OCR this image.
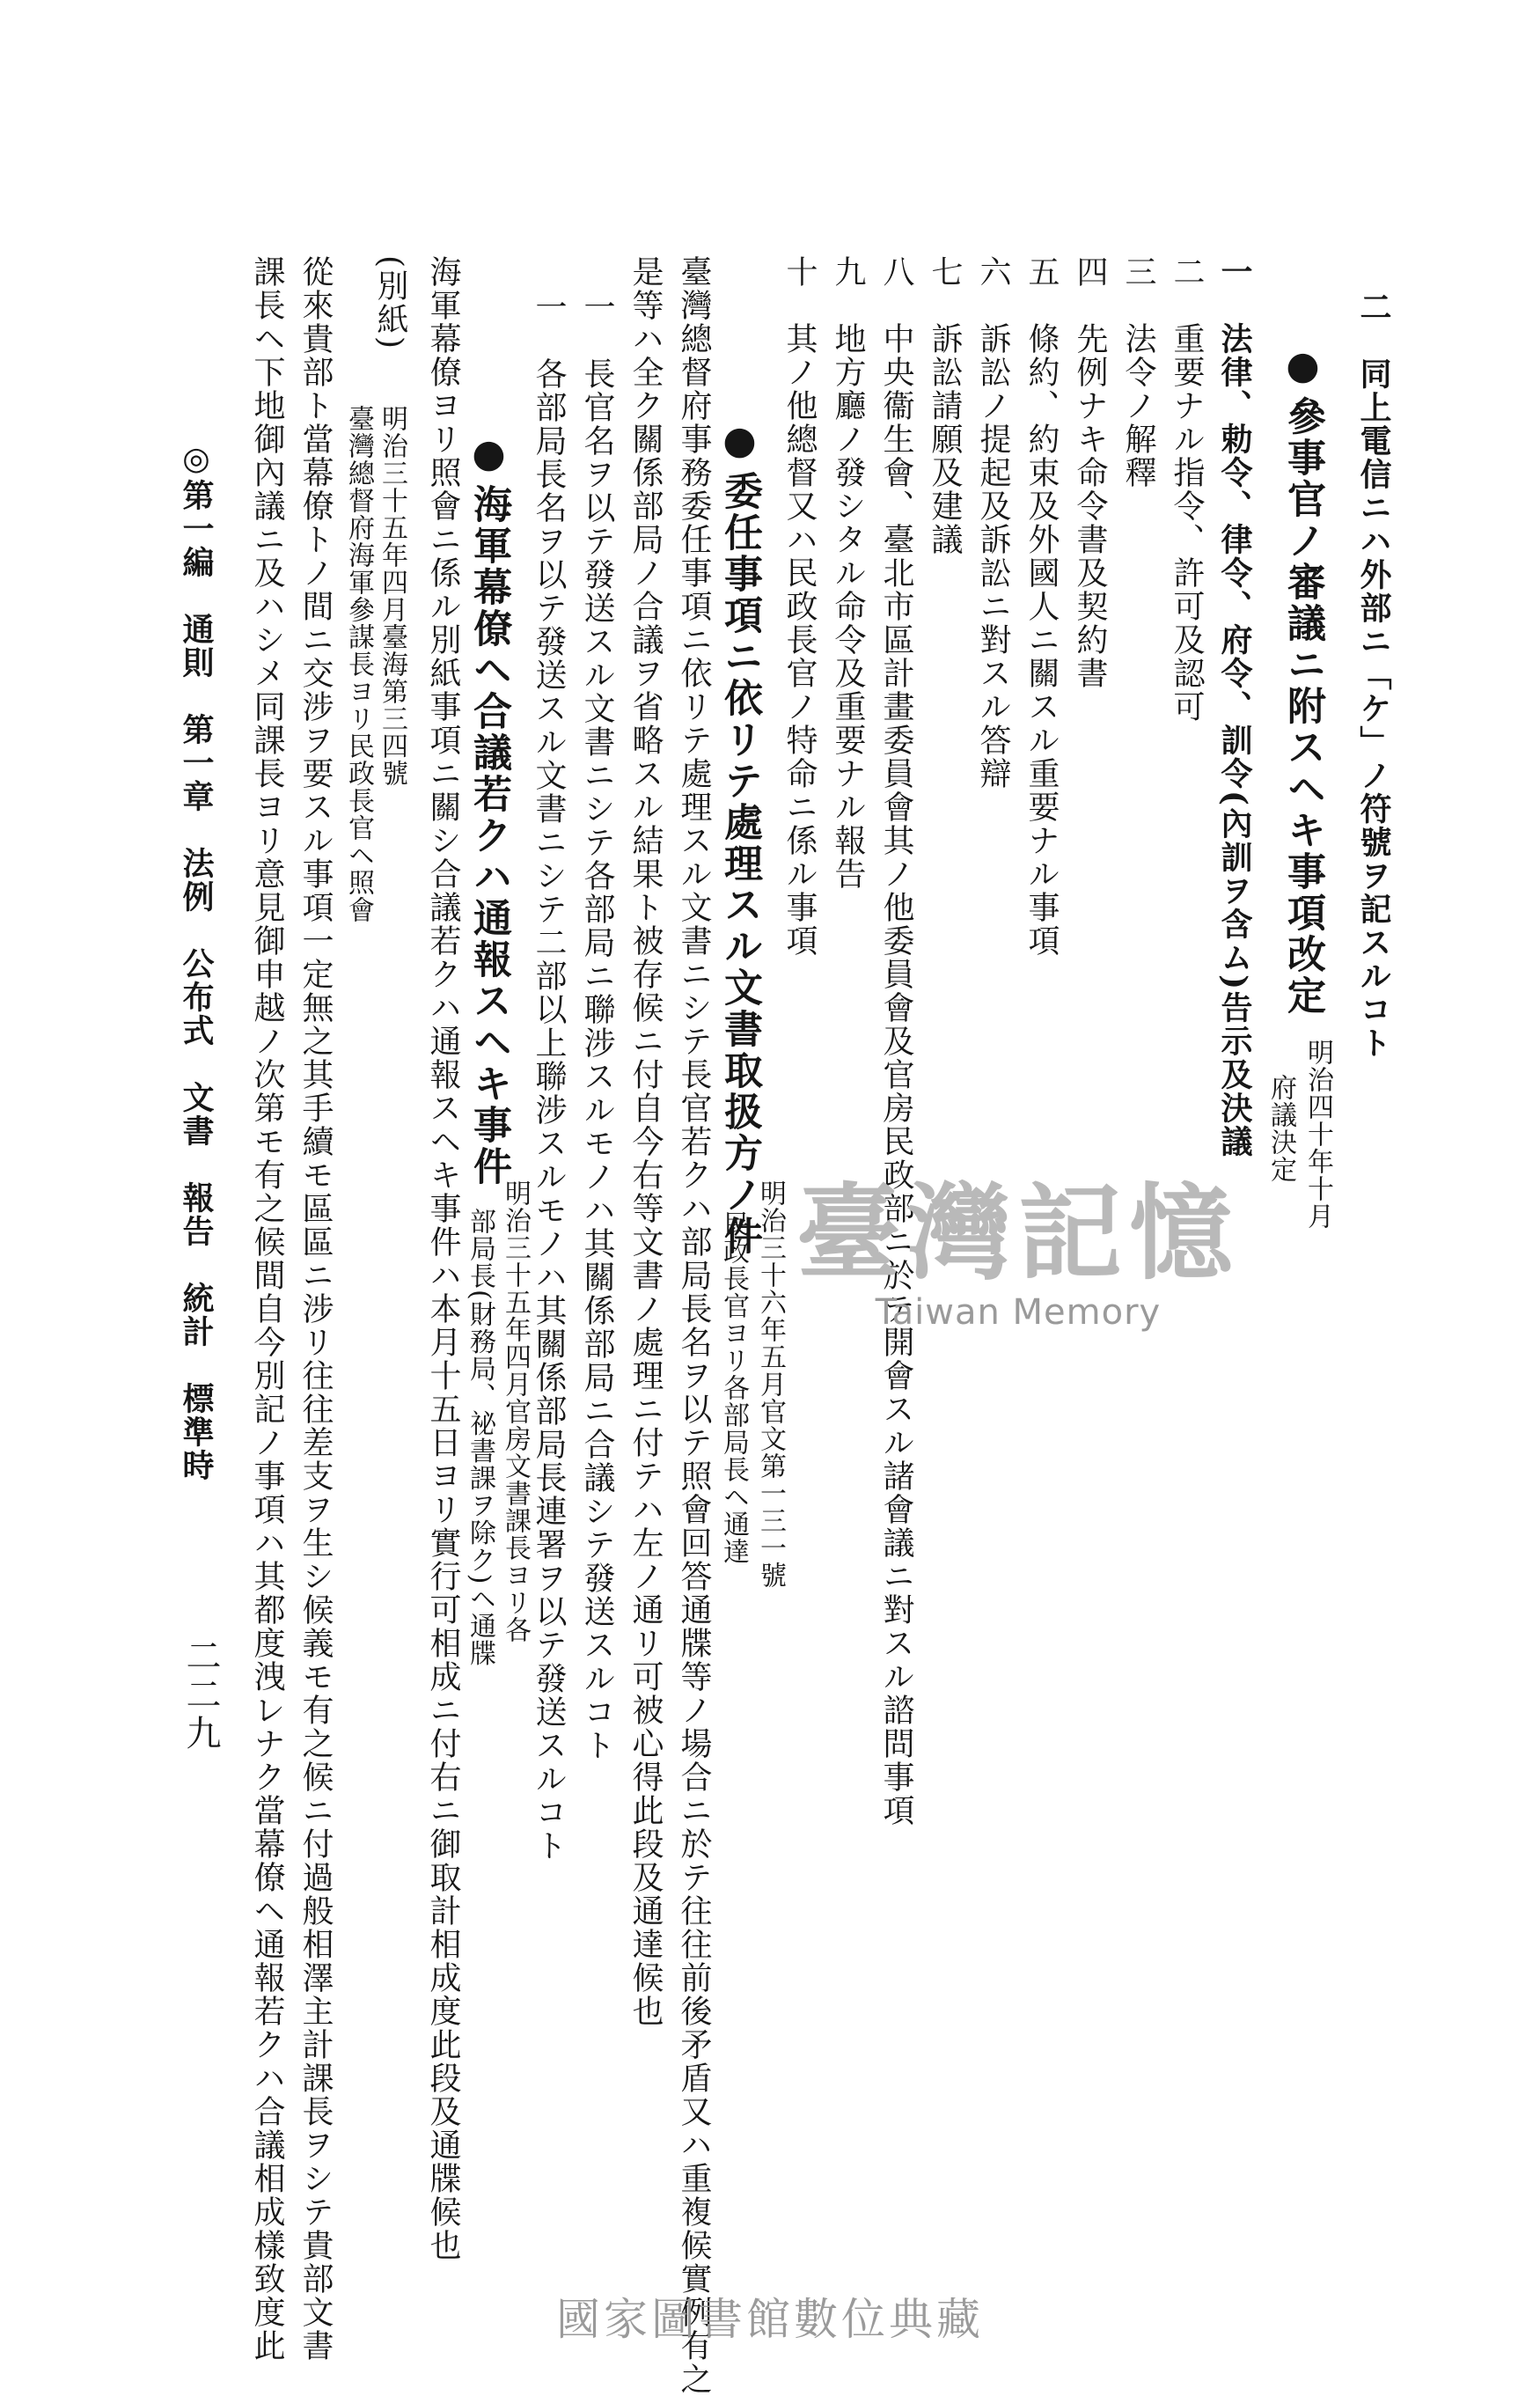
二　同上電信ニハ外部ニ「ケ」ノ符號ヲ記スルコト
● 參事官ノ審議ニ附スヘキ事項改定
明治四十年十月
府議決定
一　法律、勅令、律令、府令、訓令(內訓ヲ含ム)告示及決議
二　重要ナル指令、許可及認可
三　法令ノ解釋
四　先例ナキ命令書及契約書
五　條約、約束及外國人ニ關スル重要ナル事項
六　訴訟ノ提起及訴訟ニ對スル答辯
七　訴訟請願及建議
八　中央衞生會、臺北市區計畫委員會其ノ他委員會及官房民政部ニ於テ開會スル諸會議ニ對スル諮問事項
九　地方廳ノ發シタル命令及重要ナル報告
十　其ノ他總督又ハ民政長官ノ特命ニ係ル事項
● 委任事項ニ依リテ處理スル文書取扱方ノ件
明治三十六年五月官文第一三一號
民政長官ヨリ各部局長ヘ通達
臺灣總督府事務委任事項ニ依リテ處理スル文書ニシテ長官若クハ部局長名ヲ以テ照會回答通牒等ノ場合ニ於テ往往前後矛盾又ハ重複候實例有之
是等ハ全ク關係部局ノ合議ヲ省略スル結果ト被存候ニ付自今右等文書ノ處理ニ付テハ左ノ通リ可被心得此段及通達候也
一　長官名ヲ以テ發送スル文書ニシテ各部局ニ聯涉スルモノハ其關係部局ニ合議シテ發送スルコト
一　各部局長名ヲ以テ發送スル文書ニシテ二部以上聯涉スルモノハ其關係部局長連署ヲ以テ發送スルコト
● 海軍幕僚ヘ合議若クハ通報スヘキ事件
明治三十五年四月官房文書課長ヨリ各
部局長(財務局、祕書課ヲ除ク)ヘ通牒
海軍幕僚ヨリ照會ニ係ル別紙事項ニ關シ合議若クハ通報スヘキ事件ハ本月十五日ヨリ實行可相成ニ付右ニ御取計相成度此段及通牒候也
(別紙)
明治三十五年四月臺海第三四號
臺灣總督府海軍參謀長ヨリ民政長官ヘ照會
從來貴部ト當幕僚トノ間ニ交涉ヲ要スル事項一定無之其手續モ區區ニ涉リ往往差支ヲ生シ候義モ有之候ニ付過般相澤主計課長ヲシテ貴部文書
課長ヘ下地御內議ニ及ハシメ同課長ヨリ意見御申越ノ次第モ有之候間自今別記ノ事項ハ其都度洩レナク當幕僚ヘ通報若クハ合議相成樣致度此
◎第一編　通則　第一章　法例　公布式　文書　報告　統計　標準時
二二九
臺灣記憶
Taiwan Memory
國家圖書館數位典藏
